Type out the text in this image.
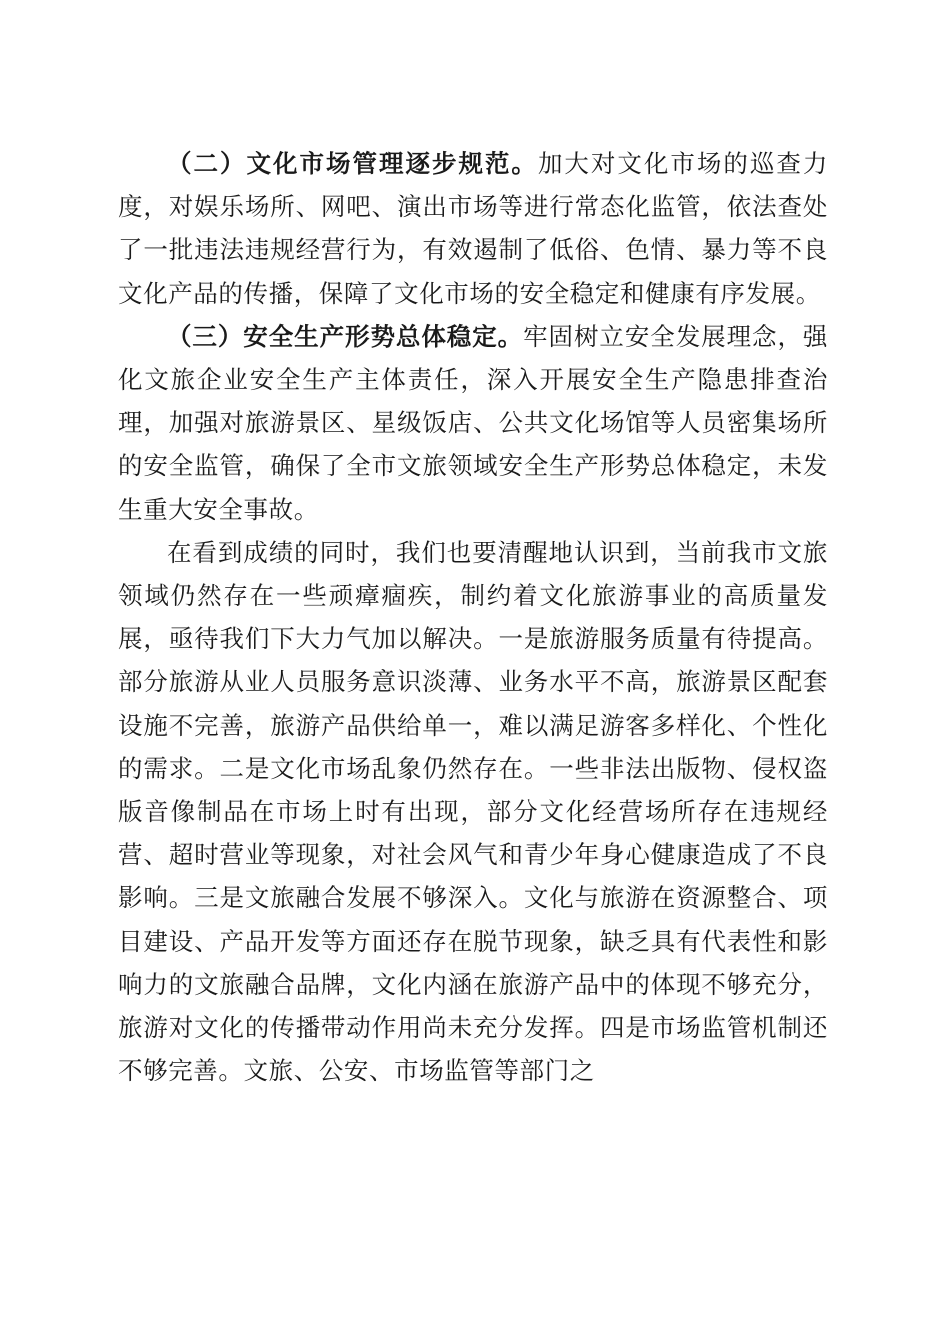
（二）文化市场管理逐步规范。加大对文化市场的巡查力度，对娱乐场所、网吧、演出市场等进行常态化监管，依法查处了一批违法违规经营行为，有效遏制了低俗、色情、暴力等不良文化产品的传播，保障了文化市场的安全稳定和健康有序发展。

（三）安全生产形势总体稳定。牢固树立安全发展理念，强化文旅企业安全生产主体责任，深入开展安全生产隐患排查治理，加强对旅游景区、星级饭店、公共文化场馆等人员密集场所的安全监管，确保了全市文旅领域安全生产形势总体稳定，未发生重大安全事故。

在看到成绩的同时，我们也要清醒地认识到，当前我市文旅领域仍然存在一些顽瘴痼疾，制约着文化旅游事业的高质量发展，亟待我们下大力气加以解决。一是旅游服务质量有待提高。部分旅游从业人员服务意识淡薄、业务水平不高，旅游景区配套设施不完善，旅游产品供给单一，难以满足游客多样化、个性化的需求。二是文化市场乱象仍然存在。一些非法出版物、侵权盗版音像制品在市场上时有出现，部分文化经营场所存在违规经营、超时营业等现象，对社会风气和青少年身心健康造成了不良影响。三是文旅融合发展不够深入。文化与旅游在资源整合、项目建设、产品开发等方面还存在脱节现象，缺乏具有代表性和影响力的文旅融合品牌，文化内涵在旅游产品中的体现不够充分，旅游对文化的传播带动作用尚未充分发挥。四是市场监管机制还不够完善。文旅、公安、市场监管等部门之
